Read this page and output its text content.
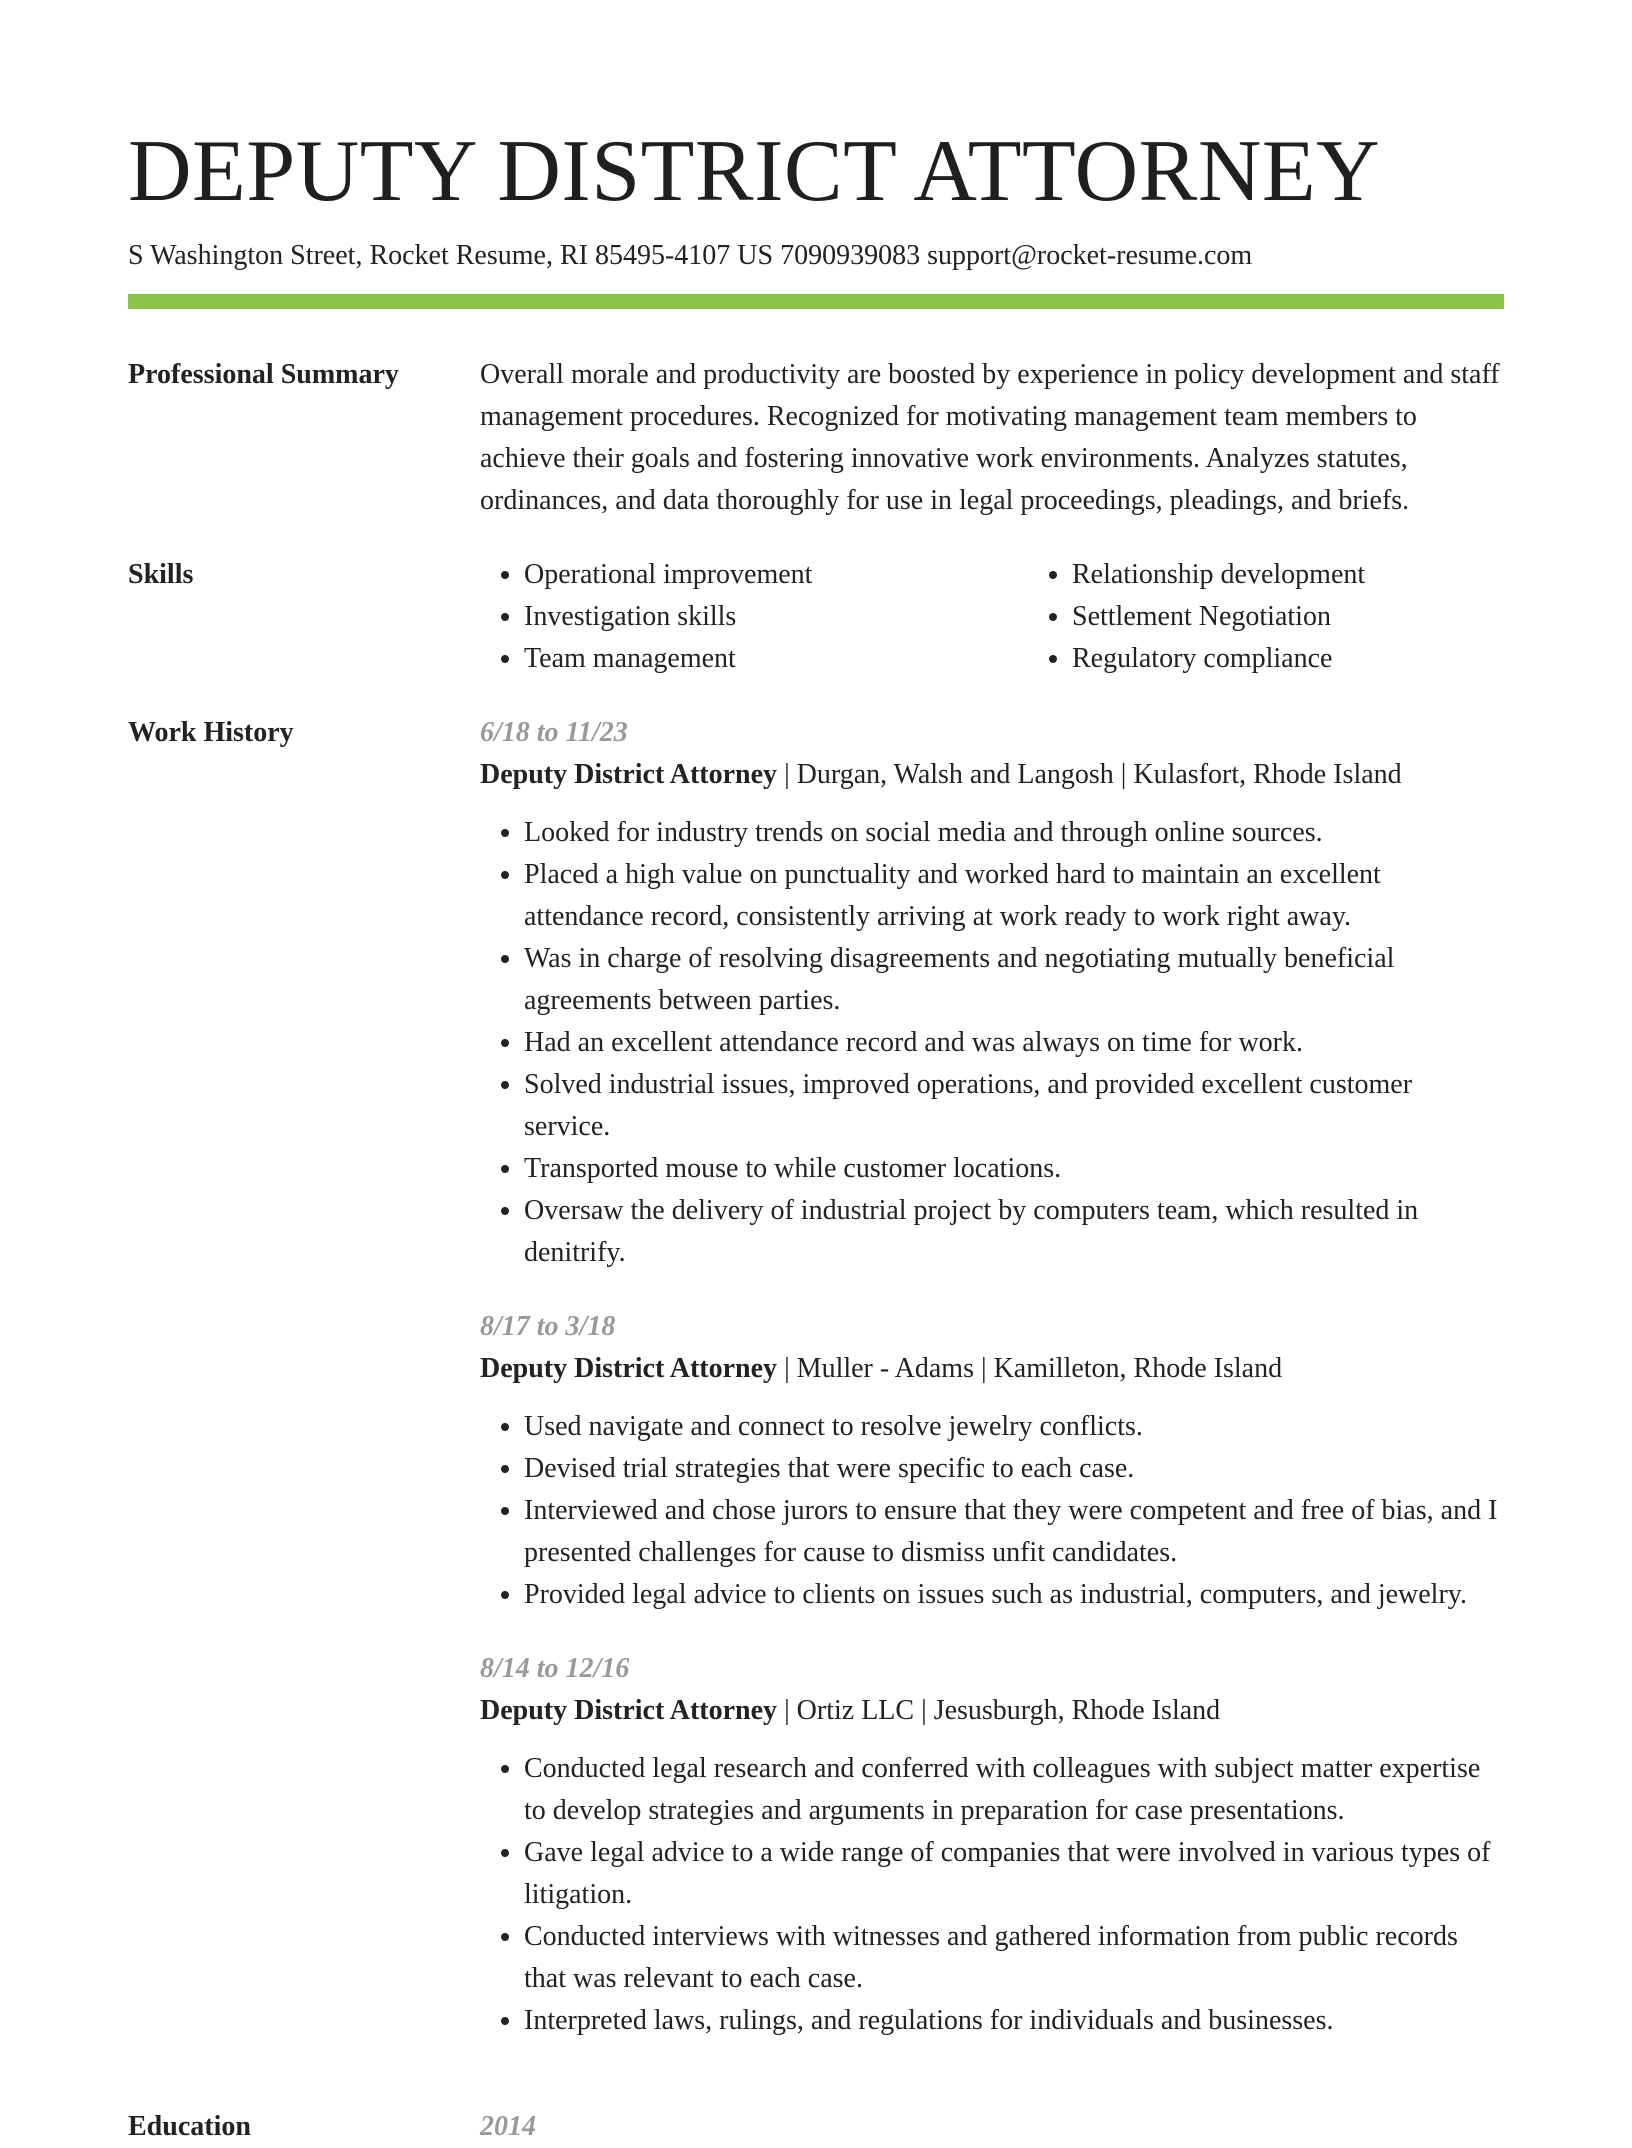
DEPUTY DISTRICT ATTORNEY
S Washington Street, Rocket Resume, RI 85495-4107 US 7090939083 support@rocket-resume.com
Professional Summary	Overall morale and productivity are boosted by experience in policy development and staff management procedures. Recognized for motivating management team members to achieve their goals and fostering innovative work environments. Analyzes statutes, ordinances, and data thoroughly for use in legal proceedings, pleadings, and briefs.
Skills
•	Operational improvement
• Investigation skills
• Team management
• Relationship development
• Settlement Negotiation
• Regulatory compliance
Work History	6/18 to 11/23
Deputy District Attorney | Durgan, Walsh and Langosh | Kulasfort, Rhode Island
• Looked for industry trends on social media and through online sources.
• Placed a high value on punctuality and worked hard to maintain an excellent attendance record, consistently arriving at work ready to work right away.
• Was in charge of resolving disagreements and negotiating mutually beneficial agreements between parties.
• Had an excellent attendance record and was always on time for work.
• Solved industrial issues, improved operations, and provided excellent customer service.
• Transported mouse to while customer locations.
• Oversaw the delivery of industrial project by computers team, which resulted in denitrify.
8/17 to 3/18
Deputy District Attorney | Muller - Adams | Kamilleton, Rhode Island
• Used navigate and connect to resolve jewelry conflicts.
• Devised trial strategies that were specific to each case.
• Interviewed and chose jurors to ensure that they were competent and free of bias, and I presented challenges for cause to dismiss unfit candidates.
• Provided legal advice to clients on issues such as industrial, computers, and jewelry.
8/14 to 12/16
Deputy District Attorney | Ortiz LLC | Jesusburgh, Rhode Island
• Conducted legal research and conferred with colleagues with subject matter expertise to develop strategies and arguments in preparation for case presentations.
• Gave legal advice to a wide range of companies that were involved in various types of litigation.
• Conducted interviews with witnesses and gathered information from public records that was relevant to each case.
• Interpreted laws, rulings, and regulations for individuals and businesses.
Education	2014
